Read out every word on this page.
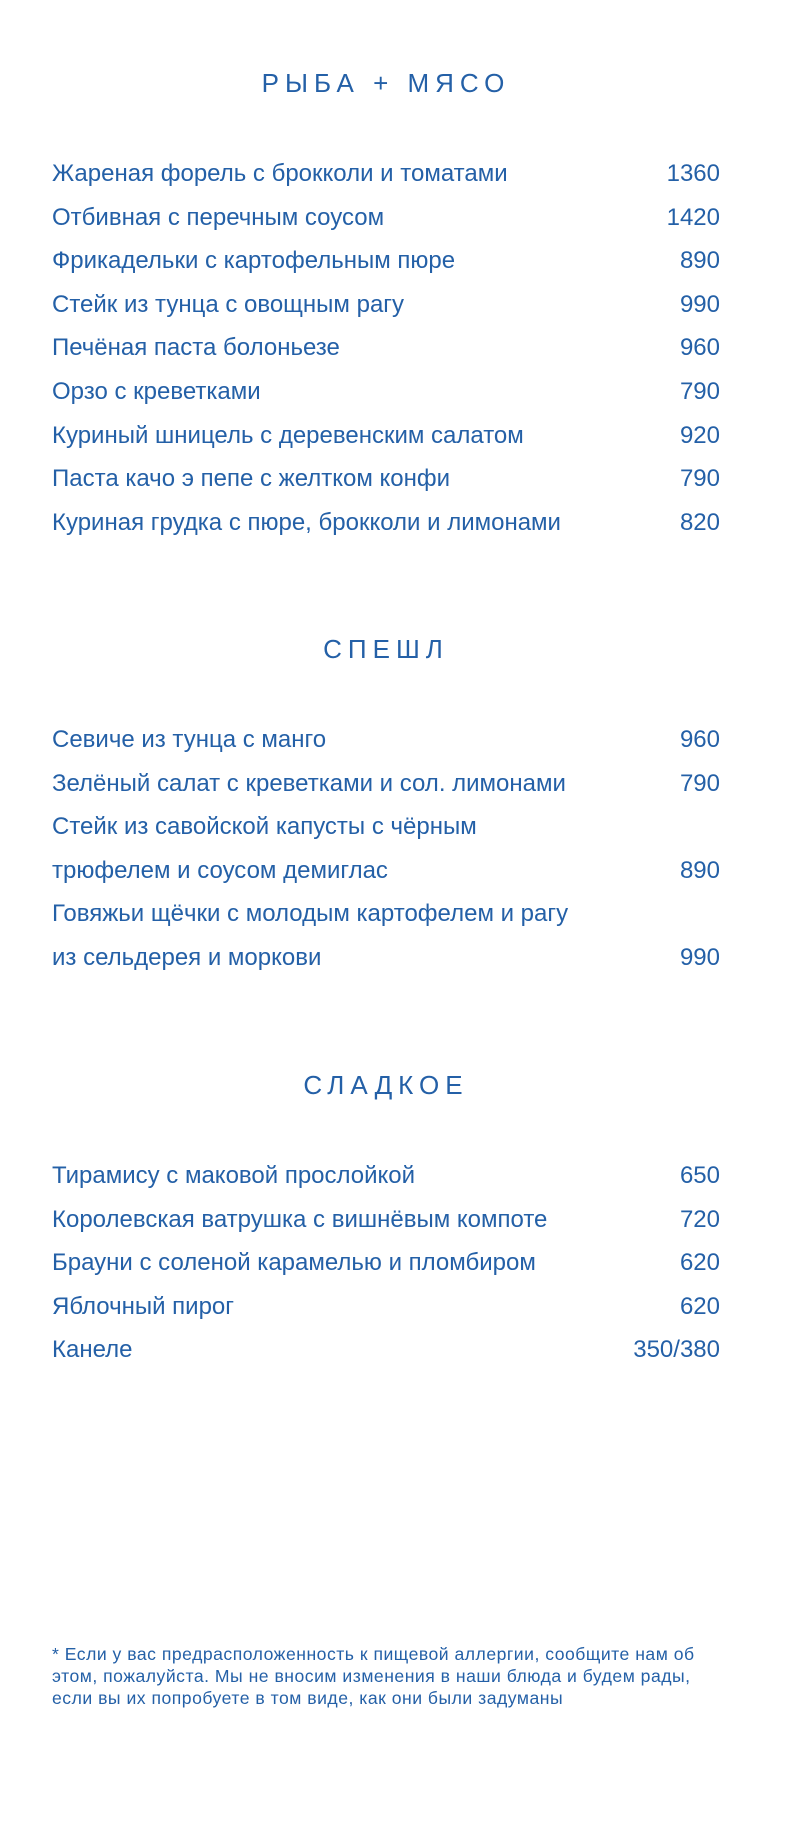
РЫБА + МЯСО
Жареная форель с брокколи и томатами	1360
Отбивная с перечным соусом	1420
Фрикадельки с картофельным пюре	890
Стейк из тунца с овощным рагу	990
Печёная паста болоньезе	960
Орзо с креветками	790
Куриный шницель с деревенским салатом	920
Паста качо э пепе с желтком конфи	790
Куриная грудка с пюре, брокколи и лимонами	820
СПЕШЛ
Севиче из тунца с манго	960
Зелёный салат с креветками и сол. лимонами	790
Стейк из савойской капусты с чёрным
трюфелем и соусом демиглас	890
Говяжьи щёчки с молодым картофелем и рагу
из сельдерея и моркови	990
СЛАДКОЕ
Тирамису с маковой прослойкой	650
Королевская ватрушка с вишнёвым компоте	720
Брауни с соленой карамелью и пломбиром	620
Яблочный пирог	620
Канеле	350/380

* Если у вас предрасположенность к пищевой аллергии, сообщите нам об этом, пожалуйста. Мы не вносим изменения в наши блюда и будем рады, если вы их попробуете в том виде, как они были задуманы
